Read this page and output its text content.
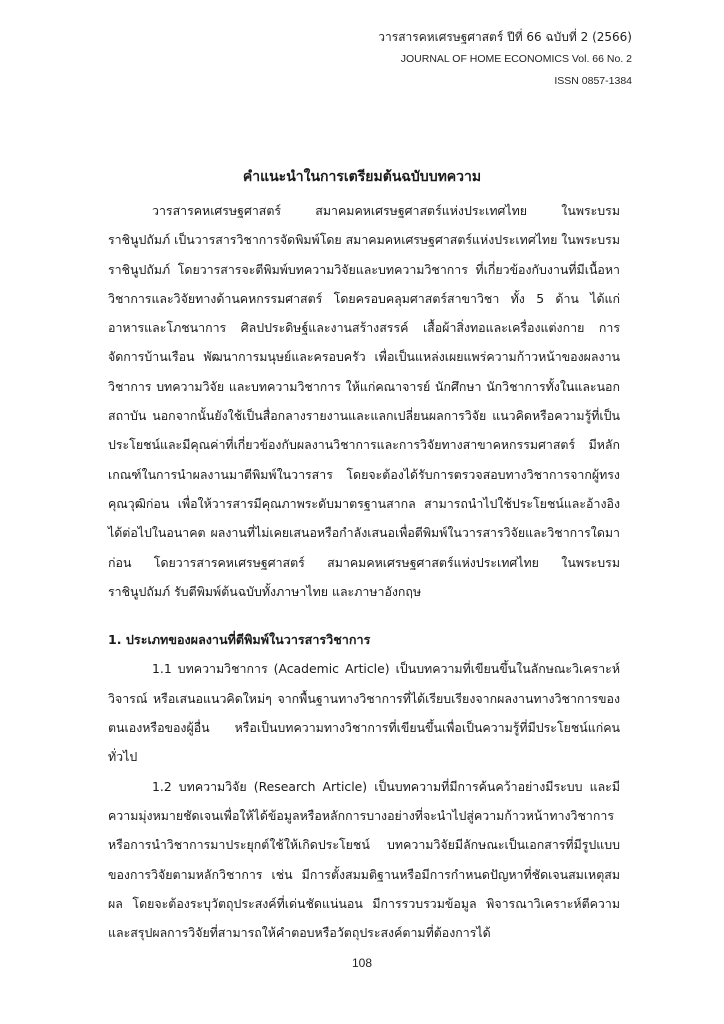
วารสารคหเศรษฐศาสตร์ ปีที่ 66 ฉบับที่ 2 (2566)
JOURNAL OF HOME ECONOMICS Vol. 66 No. 2
ISSN 0857-1384
คำแนะนำในการเตรียมต้นฉบับบทความ

วารสารคหเศรษฐศาสตร์ สมาคมคหเศรษฐศาสตร์แห่งประเทศไทย ในพระบรมราชินูปถัมภ์ เป็นวารสารวิชาการจัดพิมพ์โดย สมาคมคหเศรษฐศาสตร์แห่งประเทศไทย ในพระบรมราชินูปถัมภ์ โดยวารสารจะตีพิมพ์บทความวิจัยและบทความวิชาการ ที่เกี่ยวข้องกับงานที่มีเนื้อหาวิชาการและวิจัยทางด้านคหกรรมศาสตร์ โดยครอบคลุมศาสตร์สาขาวิชา ทั้ง 5 ด้าน ได้แก่ อาหารและโภชนาการ ศิลปประดิษฐ์และงานสร้างสรรค์ เสื้อผ้าสิ่งทอและเครื่องแต่งกาย การจัดการบ้านเรือน พัฒนาการมนุษย์และครอบครัว เพื่อเป็นแหล่งเผยแพร่ความก้าวหน้าของผลงานวิชาการ บทความวิจัย และบทความวิชาการ ให้แก่คณาจารย์ นักศึกษา นักวิชาการทั้งในและนอกสถาบัน นอกจากนั้นยังใช้เป็นสื่อกลางรายงานและแลกเปลี่ยนผลการวิจัย แนวคิดหรือความรู้ที่เป็นประโยชน์และมีคุณค่าที่เกี่ยวข้องกับผลงานวิชาการและการวิจัยทางสาขาคหกรรมศาสตร์ มีหลักเกณฑ์ในการนำผลงานมาตีพิมพ์ในวารสาร โดยจะต้องได้รับการตรวจสอบทางวิชาการจากผู้ทรงคุณวุฒิก่อน เพื่อให้วารสารมีคุณภาพระดับมาตรฐานสากล สามารถนำไปใช้ประโยชน์และอ้างอิงได้ต่อไปในอนาคต ผลงานที่ไม่เคยเสนอหรือกำลังเสนอเพื่อตีพิมพ์ในวารสารวิจัยและวิชาการใดมาก่อน โดยวารสารคหเศรษฐศาสตร์ สมาคมคหเศรษฐศาสตร์แห่งประเทศไทย ในพระบรมราชินูปถัมภ์ รับตีพิมพ์ต้นฉบับทั้งภาษาไทย และภาษาอังกฤษ

1. ประเภทของผลงานที่ตีพิมพ์ในวารสารวิชาการ

1.1 บทความวิชาการ (Academic Article) เป็นบทความที่เขียนขึ้นในลักษณะวิเคราะห์วิจารณ์ หรือเสนอแนวคิดใหม่ๆ จากพื้นฐานทางวิชาการที่ได้เรียบเรียงจากผลงานทางวิชาการของตนเองหรือของผู้อื่น หรือเป็นบทความทางวิชาการที่เขียนขึ้นเพื่อเป็นความรู้ที่มีประโยชน์แก่คนทั่วไป

1.2 บทความวิจัย (Research Article) เป็นบทความที่มีการค้นคว้าอย่างมีระบบ และมีความมุ่งหมายชัดเจนเพื่อให้ได้ข้อมูลหรือหลักการบางอย่างที่จะนำไปสู่ความก้าวหน้าทางวิชาการ หรือการนำวิชาการมาประยุกต์ใช้ให้เกิดประโยชน์ บทความวิจัยมีลักษณะเป็นเอกสารที่มีรูปแบบของการวิจัยตามหลักวิชาการ เช่น มีการตั้งสมมติฐานหรือมีการกำหนดปัญหาที่ชัดเจนสมเหตุสมผล โดยจะต้องระบุวัตถุประสงค์ที่เด่นชัดแน่นอน มีการรวบรวมข้อมูล พิจารณาวิเคราะห์ตีความ และสรุปผลการวิจัยที่สามารถให้คำตอบหรือวัตถุประสงค์ตามที่ต้องการได้

108
